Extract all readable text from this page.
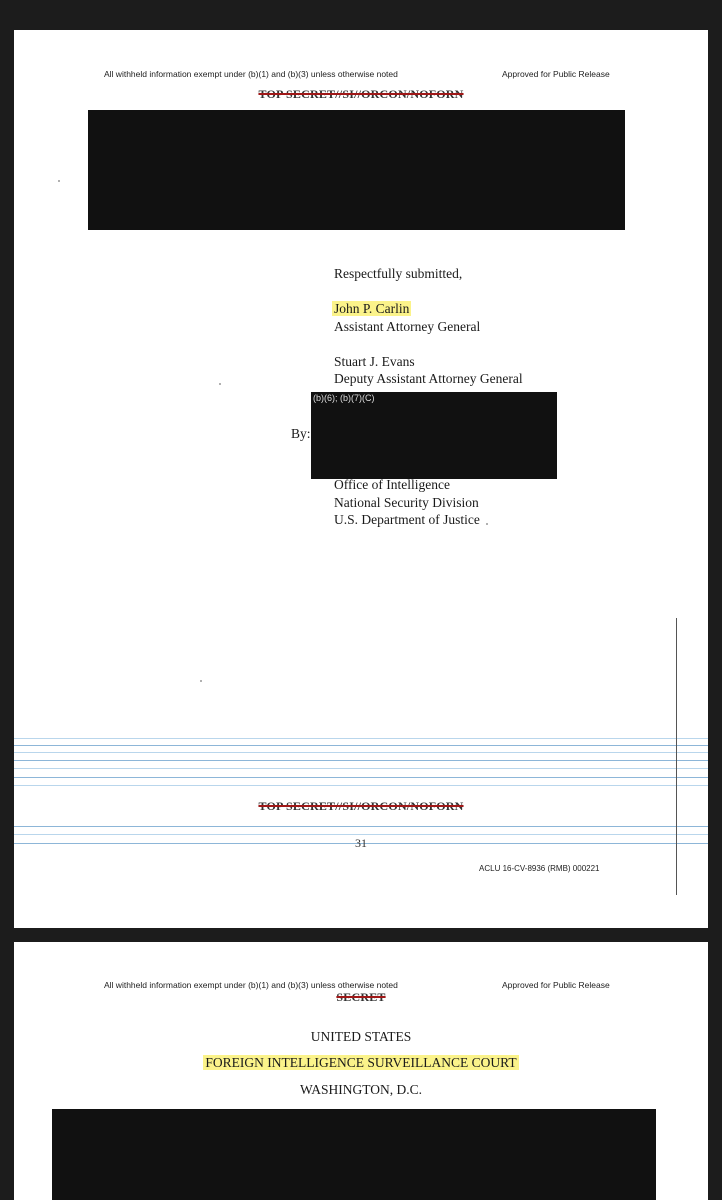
All withheld information exempt under (b)(1) and (b)(3) unless otherwise noted	Approved for Public Release
TOP SECRET//SI//ORCON/NOFORN
Respectfully submitted,
John P. Carlin
Assistant Attorney General
Stuart J. Evans
Deputy Assistant Attorney General
(b)(6); (b)(7)(C)
By:
Office of Intelligence
National Security Division
U.S. Department of Justice
TOP SECRET//SI//ORCON/NOFORN
31
ACLU 16-CV-8936 (RMB) 000221
All withheld information exempt under (b)(1) and (b)(3) unless otherwise noted	Approved for Public Release
SECRET
UNITED STATES
FOREIGN INTELLIGENCE SURVEILLANCE COURT
WASHINGTON, D.C.
